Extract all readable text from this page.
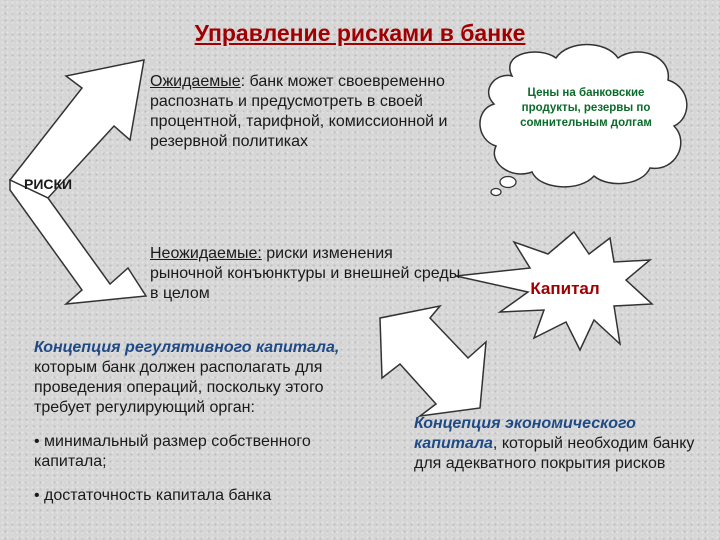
Управление рисками в банке
Ожидаемые: банк может своевременно распознать и предусмотреть в своей процентной, тарифной, комиссионной и резервной политиках
РИСКИ
Неожидаемые: риски изменения рыночной конъюнктуры и внешней среды в целом
Цены на банковские продукты, резервы по сомнительным долгам
Капитал
Концепция регулятивного капитала, которым банк должен располагать для проведения операций, поскольку этого требует регулирующий орган:
• минимальный размер собственного капитала;
• достаточность капитала банка
Концепция экономического капитала, который необходим банку для адекватного покрытия рисков
